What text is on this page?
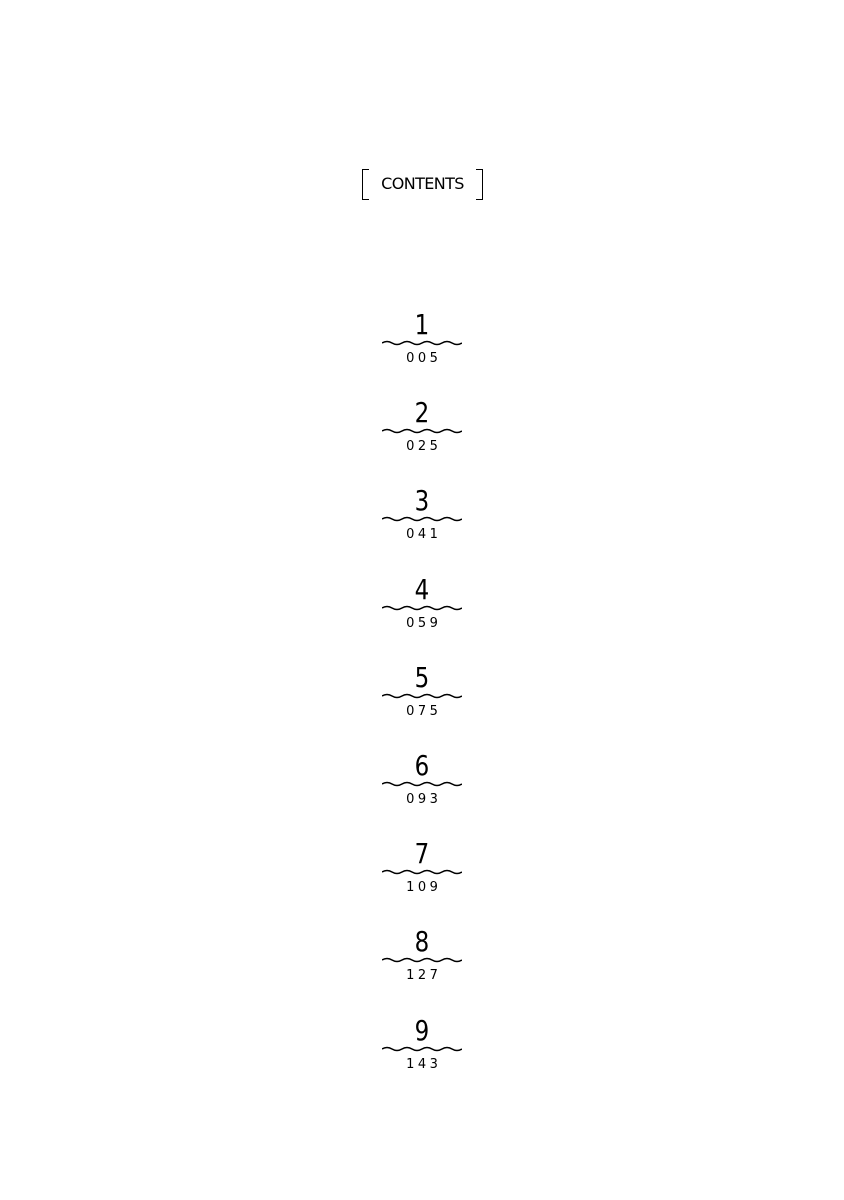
CONTENTS
1
005
2
025
3
041
4
059
5
075
6
093
7
109
8
127
9
143
